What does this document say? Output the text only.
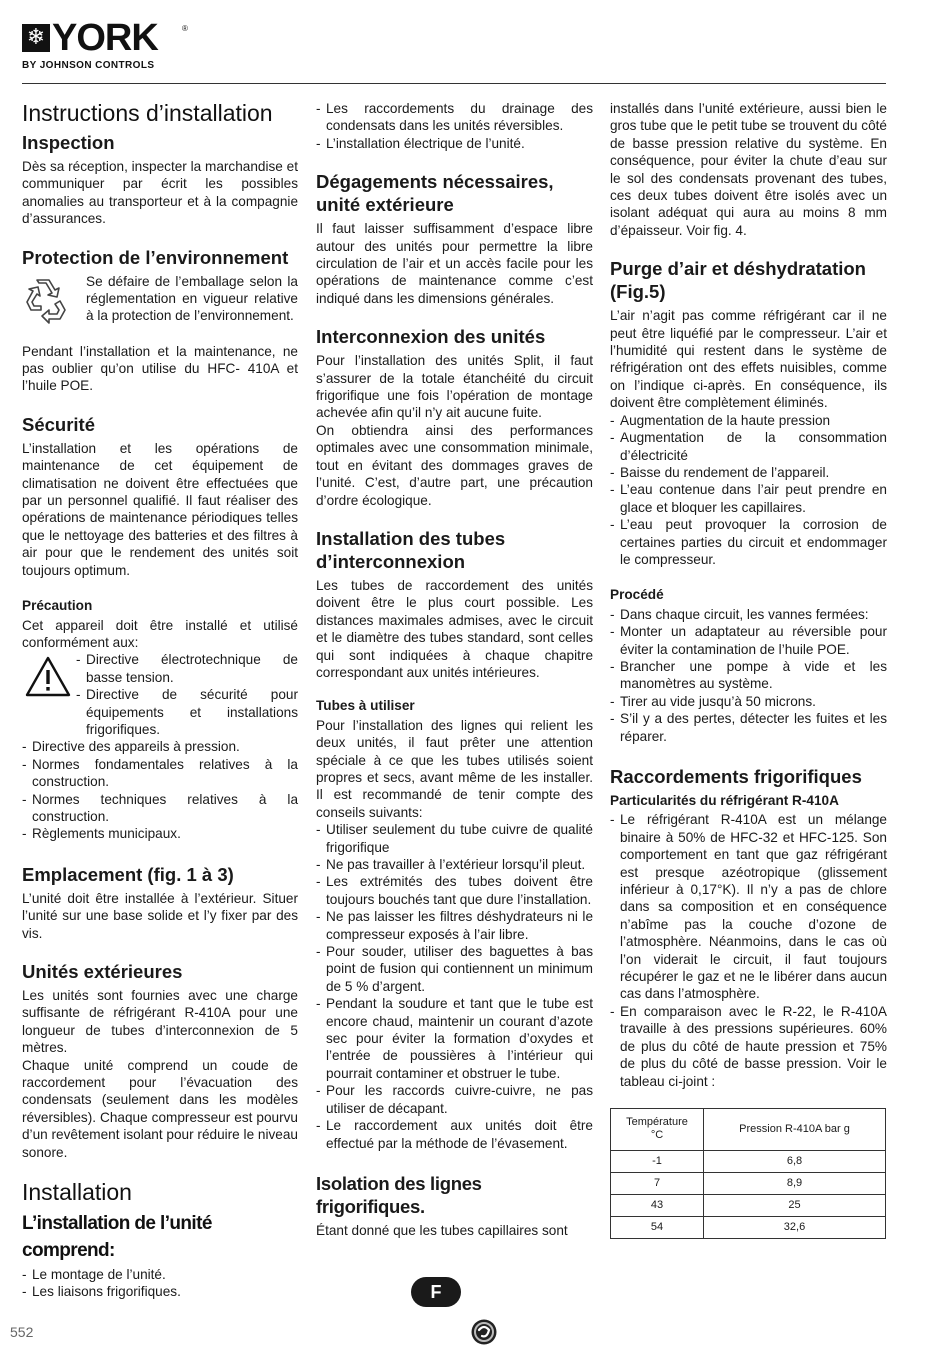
❄ YORK	®
BY JOHNSON CONTROLS
Instructions d’installation
Inspection

Dès sa réception, inspecter la marchandise et communiquer par écrit les possibles anomalies au transporteur et à la compagnie d’assurances.

Protection de l’environnement

Se défaire de l’emballage selon la réglementation en vigueur relative à la protection de l’environnement.

Pendant l’installation et la maintenance, ne pas oublier qu’on utilise du HFC- 410A et l’huile POE.

Sécurité

L’installation et les opérations de maintenance de cet équipement de climatisation ne doivent être effectuées que par un personnel qualifié. Il faut réaliser des opérations de maintenance périodiques telles que le nettoyage des batteries et des filtres à air pour que le rendement des unités soit toujours optimum.

Précaution

Cet appareil doit être installé et utilisé conformément aux:

- Directive électrotechnique de basse tension.
- Directive de sécurité pour équipements et installations frigorifiques.
- Directive des appareils à pression.
- Normes fondamentales relatives à la construction.
- Normes techniques relatives à la construction.
- Règlements municipaux.
Emplacement (fig. 1 à 3)

L’unité doit être installée à l’extérieur. Situer l’unité sur une base solide et l’y fixer par des vis.

Unités extérieures

Les unités sont fournies avec une charge suffisante de réfrigérant R-410A pour une longueur de tubes d’interconnexion de 5 mètres.

Chaque unité comprend un coude de raccordement pour l’évacuation des condensats (seulement dans les modèles réversibles). Chaque compresseur est pourvu d’un revêtement isolant pour réduire le niveau sonore.

Installation
L’installation de l’unité comprend:
- Le montage de l’unité.
- Les liaisons frigorifiques.
- Les raccordements du drainage des condensats dans les unités réversibles.
- L’installation électrique de l’unité.
Dégagements nécessaires, unité extérieure

Il faut laisser suffisamment d’espace libre autour des unités pour permettre la libre circulation de l’air et un accès facile pour les opérations de maintenance comme c’est indiqué dans les dimensions générales.

Interconnexion des unités

Pour l’installation des unités Split, il faut s’assurer de la totale étanchéité du circuit frigorifique une fois l’opération de montage achevée afin qu’il n’y ait aucune fuite.

On obtiendra ainsi des performances optimales avec une consommation minimale, tout en évitant des dommages graves de l’unité. C’est, d’autre part, une précaution d’ordre écologique.

Installation des tubes d’interconnexion

Les tubes de raccordement des unités doivent être le plus court possible. Les distances maximales admises, avec le circuit et le diamètre des tubes standard, sont celles qui sont indiquées à chaque chapitre correspondant aux unités intérieures.

Tubes à utiliser

Pour l’installation des lignes qui relient les deux unités, il faut prêter une attention spéciale à ce que les tubes utilisés soient propres et secs, avant même de les installer. Il est recommandé de tenir compte des conseils suivants:

- Utiliser seulement du tube cuivre de qualité frigorifique
- Ne pas travailler à l’extérieur lorsqu’il pleut.
- Les extrémités des tubes doivent être toujours bouchés tant que dure l’installation.
- Ne pas laisser les filtres déshydrateurs ni le compresseur exposés à l’air libre.
- Pour souder, utiliser des baguettes à bas point de fusion qui contiennent un minimum de 5 % d’argent.
- Pendant la soudure et tant que le tube est encore chaud, maintenir un courant d’azote sec pour éviter la formation d’oxydes et l’entrée de poussières à l’intérieur qui pourrait contaminer et obstruer le tube.
- Pour les raccords cuivre-cuivre, ne pas utiliser de décapant.
- Le raccordement aux unités doit être effectué par la méthode de l’évasement.
Isolation des lignes frigorifiques.

Étant donné que les tubes capillaires sont

installés dans l’unité extérieure, aussi bien le gros tube que le petit tube se trouvent du côté de basse pression relative du système. En conséquence, pour éviter la chute d’eau sur le sol des condensats provenant des tubes, ces deux tubes doivent être isolés avec un isolant adéquat qui aura au moins 8 mm d’épaisseur. Voir fig. 4.

Purge d’air et déshydratation (Fig.5)

L’air n’agit pas comme réfrigérant car il ne peut être liquéfié par le compresseur. L’air et l’humidité qui restent dans le système de réfrigération ont des effets nuisibles, comme on l’indique ci-après. En conséquence, ils doivent être complètement éliminés.

- Augmentation de la haute pression
- Augmentation de la consommation d’électricité
- Baisse du rendement de l’appareil.
- L’eau contenue dans l’air peut prendre en glace et bloquer les capillaires.
- L’eau peut provoquer la corrosion de certaines parties du circuit et endommager le compresseur.
Procédé
- Dans chaque circuit, les vannes fermées:
- Monter un adaptateur au réversible pour éviter la contamination de l’huile POE.
- Brancher une pompe à vide et les manomètres au système.
- Tirer au vide jusqu’à 50 microns.
- S’il y a des pertes, détecter les fuites et les réparer.
Raccordements frigorifiques
Particularités du réfrigérant R-410A
- Le réfrigérant R-410A est un mélange binaire à 50% de HFC-32 et HFC-125. Son comportement en tant que gaz réfrigérant est presque azéotropique (glissement inférieur à 0,17°K). Il n’y a pas de chlore dans sa composition et en conséquence n’abîme pas la couche d’ozone de l’atmosphère. Néanmoins, dans le cas où l’on viderait le circuit, il faut toujours récupérer le gaz et ne le libérer dans aucun cas dans l’atmosphère.
- En comparaison avec le R-22, le R-410A travaille à des pressions supérieures. 60% de plus du côté de haute pression et 75% de plus du côté de basse pression. Voir le tableau ci-joint :
Température
°C	Pression R-410A bar g
-1	6,8
7	8,9
43	25
54	32,6
F
552
